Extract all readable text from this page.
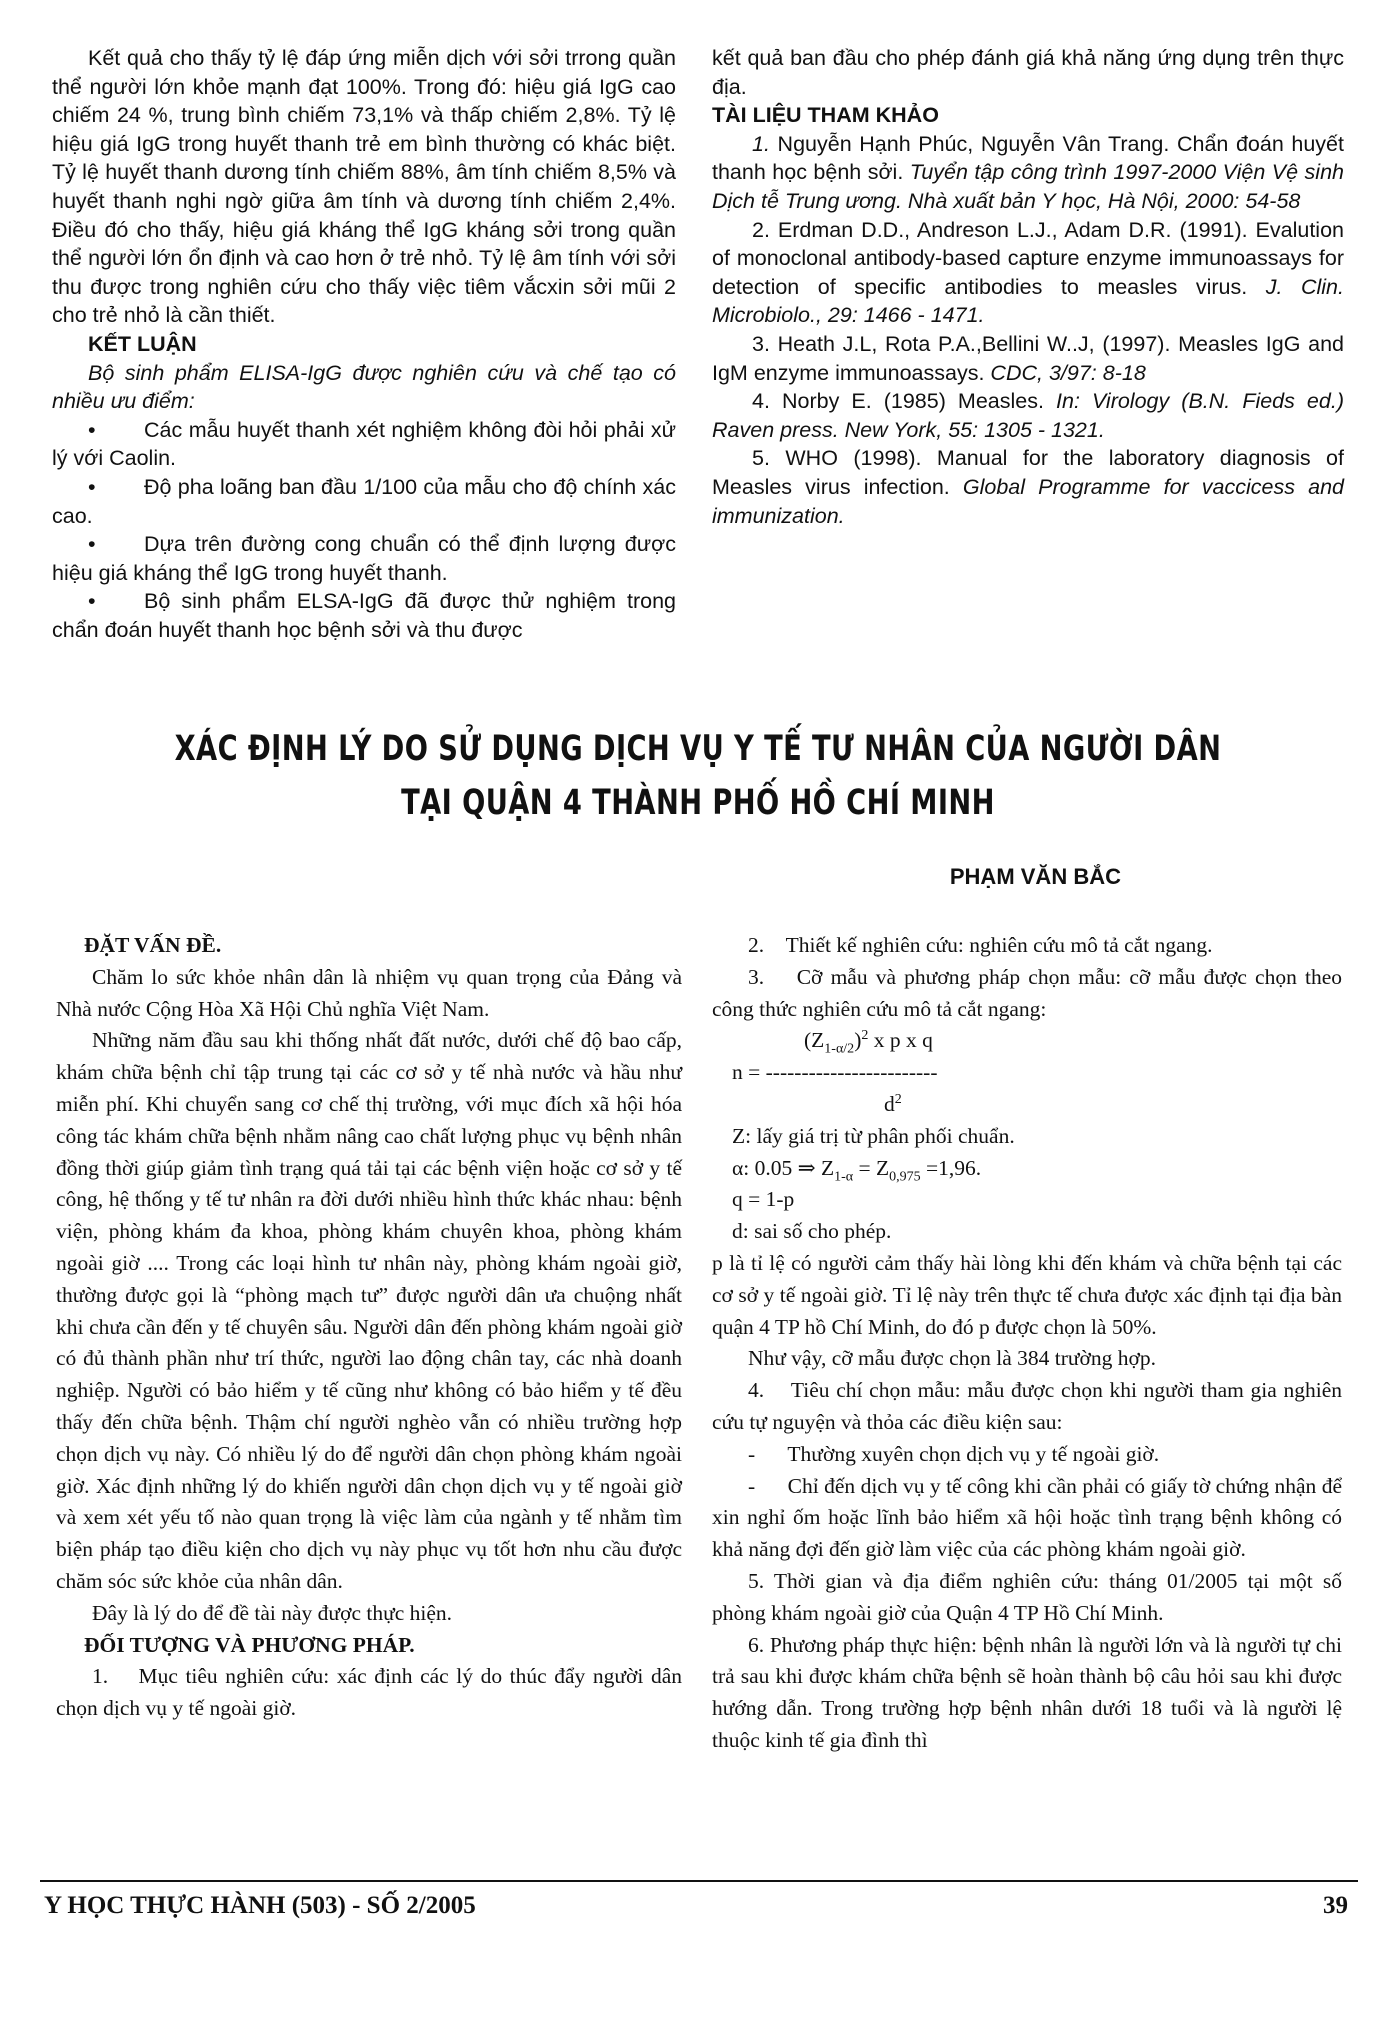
Kết quả cho thấy tỷ lệ đáp ứng miễn dịch với sởi trrong quần thể người lớn khỏe mạnh đạt 100%. Trong đó: hiệu giá IgG cao chiếm 24 %, trung bình chiếm 73,1% và thấp chiếm 2,8%. Tỷ lệ hiệu giá IgG trong huyết thanh trẻ em bình thường có khác biệt. Tỷ lệ huyết thanh dương tính chiếm 88%, âm tính chiếm 8,5% và huyết thanh nghi ngờ giữa âm tính và dương tính chiếm 2,4%. Điều đó cho thấy, hiệu giá kháng thể IgG kháng sởi trong quần thể người lớn ổn định và cao hơn ở trẻ nhỏ. Tỷ lệ âm tính với sởi thu được trong nghiên cứu cho thấy việc tiêm vắcxin sởi mũi 2 cho trẻ nhỏ là cần thiết.

KẾT LUẬN

Bộ sinh phẩm ELISA-IgG được nghiên cứu và chế tạo có nhiều ưu điểm:

• Các mẫu huyết thanh xét nghiệm không đòi hỏi phải xử lý với Caolin.

• Độ pha loãng ban đầu 1/100 của mẫu cho độ chính xác cao.

• Dựa trên đường cong chuẩn có thể định lượng được hiệu giá kháng thể IgG trong huyết thanh.

• Bộ sinh phẩm ELSA-IgG đã được thử nghiệm trong chẩn đoán huyết thanh học bệnh sởi và thu được

kết quả ban đầu cho phép đánh giá khả năng ứng dụng trên thực địa.

TÀI LIỆU THAM KHẢO

1. Nguyễn Hạnh Phúc, Nguyễn Vân Trang. Chẩn đoán huyết thanh học bệnh sởi. Tuyển tập công trình 1997-2000 Viện Vệ sinh Dịch tễ Trung ương. Nhà xuất bản Y học, Hà Nội, 2000: 54-58

2. Erdman D.D., Andreson L.J., Adam D.R. (1991). Evalution of monoclonal antibody-based capture enzyme immunoassays for detection of specific antibodies to measles virus. J. Clin. Microbiolo., 29: 1466 - 1471.

3. Heath J.L, Rota P.A.,Bellini W..J, (1997). Measles IgG and IgM enzyme immunoassays. CDC, 3/97: 8-18

4. Norby E. (1985) Measles. In: Virology (B.N. Fieds ed.) Raven press. New York, 55: 1305 - 1321.

5. WHO (1998). Manual for the laboratory diagnosis of Measles virus infection. Global Programme for vaccicess and immunization.

XÁC ĐỊNH LÝ DO SỬ DỤNG DỊCH VỤ Y TẾ TƯ NHÂN CỦA NGƯỜI DÂN
TẠI QUẬN 4 THÀNH PHỐ HỒ CHÍ MINH
PHẠM VĂN BẮC

ĐẶT VẤN ĐỀ.

Chăm lo sức khỏe nhân dân là nhiệm vụ quan trọng của Đảng và Nhà nước Cộng Hòa Xã Hội Chủ nghĩa Việt Nam.

Những năm đầu sau khi thống nhất đất nước, dưới chế độ bao cấp, khám chữa bệnh chỉ tập trung tại các cơ sở y tế nhà nước và hầu như miễn phí. Khi chuyển sang cơ chế thị trường, với mục đích xã hội hóa công tác khám chữa bệnh nhằm nâng cao chất lượng phục vụ bệnh nhân đồng thời giúp giảm tình trạng quá tải tại các bệnh viện hoặc cơ sở y tế công, hệ thống y tế tư nhân ra đời dưới nhiều hình thức khác nhau: bệnh viện, phòng khám đa khoa, phòng khám chuyên khoa, phòng khám ngoài giờ .... Trong các loại hình tư nhân này, phòng khám ngoài giờ, thường được gọi là “phòng mạch tư” được người dân ưa chuộng nhất khi chưa cần đến y tế chuyên sâu. Người dân đến phòng khám ngoài giờ có đủ thành phần như trí thức, người lao động chân tay, các nhà doanh nghiệp. Người có bảo hiểm y tế cũng như không có bảo hiểm y tế đều thấy đến chữa bệnh. Thậm chí người nghèo vẫn có nhiều trường hợp chọn dịch vụ này. Có nhiều lý do để người dân chọn phòng khám ngoài giờ. Xác định những lý do khiến người dân chọn dịch vụ y tế ngoài giờ và xem xét yếu tố nào quan trọng là việc làm của ngành y tế nhằm tìm biện pháp tạo điều kiện cho dịch vụ này phục vụ tốt hơn nhu cầu được chăm sóc sức khỏe của nhân dân.

Đây là lý do để đề tài này được thực hiện.

ĐỐI TƯỢNG VÀ PHƯƠNG PHÁP.

1. Mục tiêu nghiên cứu: xác định các lý do thúc đẩy người dân chọn dịch vụ y tế ngoài giờ.

2. Thiết kế nghiên cứu: nghiên cứu mô tả cắt ngang.

3. Cỡ mẫu và phương pháp chọn mẫu: cỡ mẫu được chọn theo công thức nghiên cứu mô tả cắt ngang:

$(Z_{1-\alpha/2})^2$ x p x q

n = ------------------------

$d^2$

Z: lấy giá trị từ phân phối chuẩn.

α: 0.05 ⇒ $Z_{1-\alpha} = Z_{0,975} =1,96$.

q = 1-p

d: sai số cho phép.

p là tỉ lệ có người cảm thấy hài lòng khi đến khám và chữa bệnh tại các cơ sở y tế ngoài giờ. Tỉ lệ này trên thực tế chưa được xác định tại địa bàn quận 4 TP hồ Chí Minh, do đó p được chọn là 50%.

Như vậy, cỡ mẫu được chọn là 384 trường hợp.

4. Tiêu chí chọn mẫu: mẫu được chọn khi người tham gia nghiên cứu tự nguyện và thỏa các điều kiện sau:

- Thường xuyên chọn dịch vụ y tế ngoài giờ.

- Chỉ đến dịch vụ y tế công khi cần phải có giấy tờ chứng nhận để xin nghỉ ốm hoặc lĩnh bảo hiểm xã hội hoặc tình trạng bệnh không có khả năng đợi đến giờ làm việc của các phòng khám ngoài giờ.

5. Thời gian và địa điểm nghiên cứu: tháng 01/2005 tại một số phòng khám ngoài giờ của Quận 4 TP Hồ Chí Minh.

6. Phương pháp thực hiện: bệnh nhân là người lớn và là người tự chi trả sau khi được khám chữa bệnh sẽ hoàn thành bộ câu hỏi sau khi được hướng dẫn. Trong trường hợp bệnh nhân dưới 18 tuổi và là người lệ thuộc kinh tế gia đình thì

Y HỌC THỰC HÀNH (503) - SỐ 2/2005	39
